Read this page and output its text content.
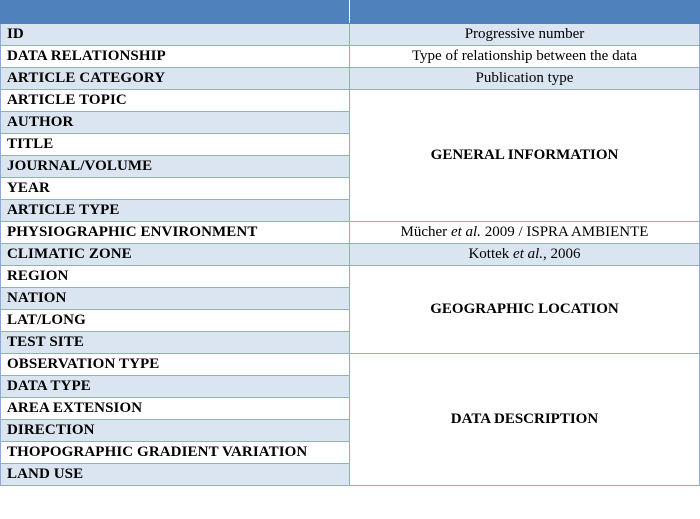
ID	Progressive number
DATA RELATIONSHIP	Type of relationship between the data
ARTICLE CATEGORY	Publication type
ARTICLE TOPIC	GENERAL INFORMATION
AUTHOR	
TITLE	
JOURNAL/VOLUME	
YEAR	
ARTICLE TYPE	
PHYSIOGRAPHIC ENVIRONMENT	Mücher et al. 2009 / ISPRA AMBIENTE
CLIMATIC ZONE	Kottek et al., 2006
REGION	GEOGRAPHIC LOCATION
NATION	
LAT/LONG	
TEST SITE	
OBSERVATION TYPE	DATA DESCRIPTION
DATA TYPE	
AREA EXTENSION	
DIRECTION	
THOPOGRAPHIC GRADIENT VARIATION	
LAND USE	
